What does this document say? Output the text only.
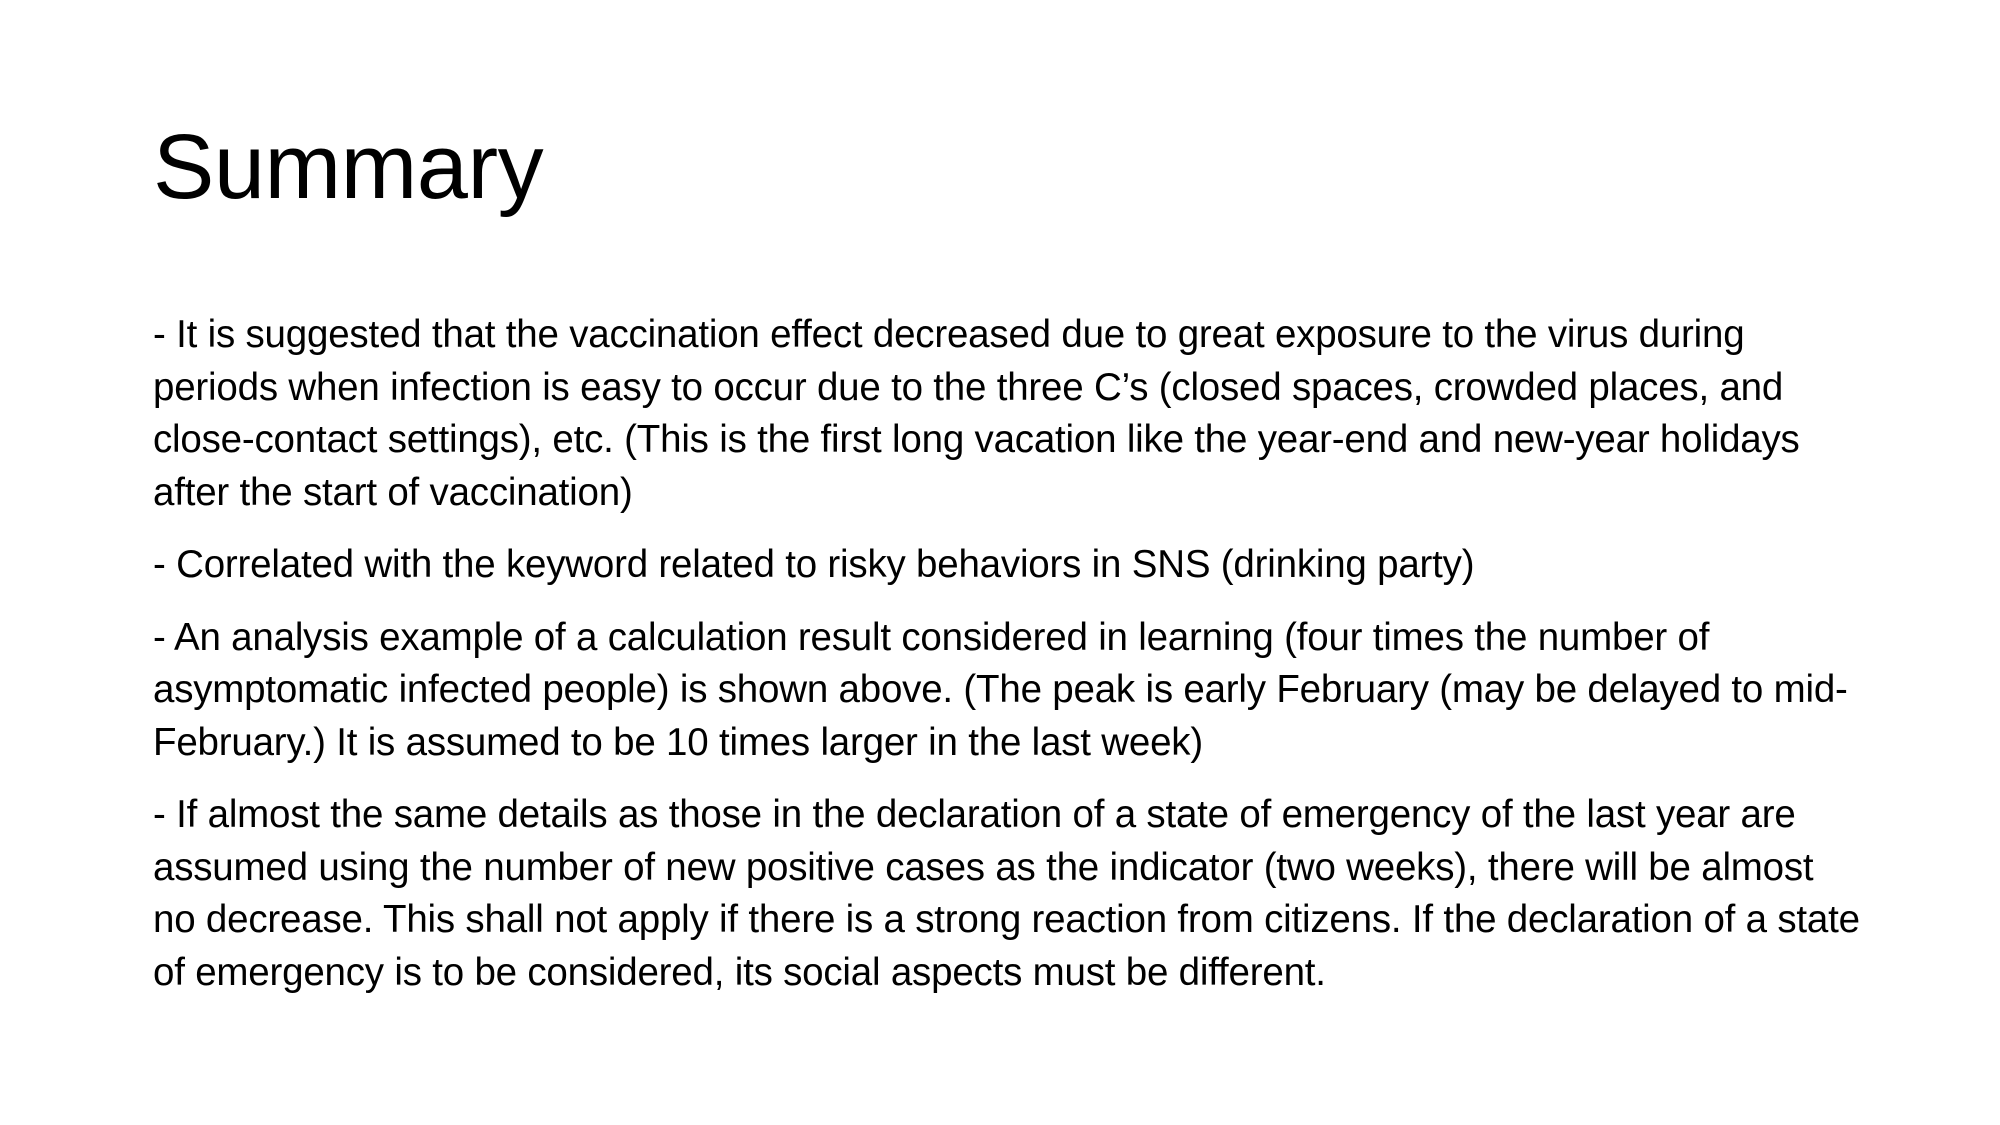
Summary
- It is suggested that the vaccination effect decreased due to great exposure to the virus during periods when infection is easy to occur due to the three C’s (closed spaces, crowded places, and close-contact settings), etc. (This is the first long vacation like the year-end and new-year holidays after the start of vaccination)
- Correlated with the keyword related to risky behaviors in SNS (drinking party)
- An analysis example of a calculation result considered in learning (four times the number of asymptomatic infected people) is shown above. (The peak is early February (may be delayed to mid-February.) It is assumed to be 10 times larger in the last week)
- If almost the same details as those in the declaration of a state of emergency of the last year are assumed using the number of new positive cases as the indicator (two weeks), there will be almost no decrease. This shall not apply if there is a strong reaction from citizens. If the declaration of a state of emergency is to be considered, its social aspects must be different.
